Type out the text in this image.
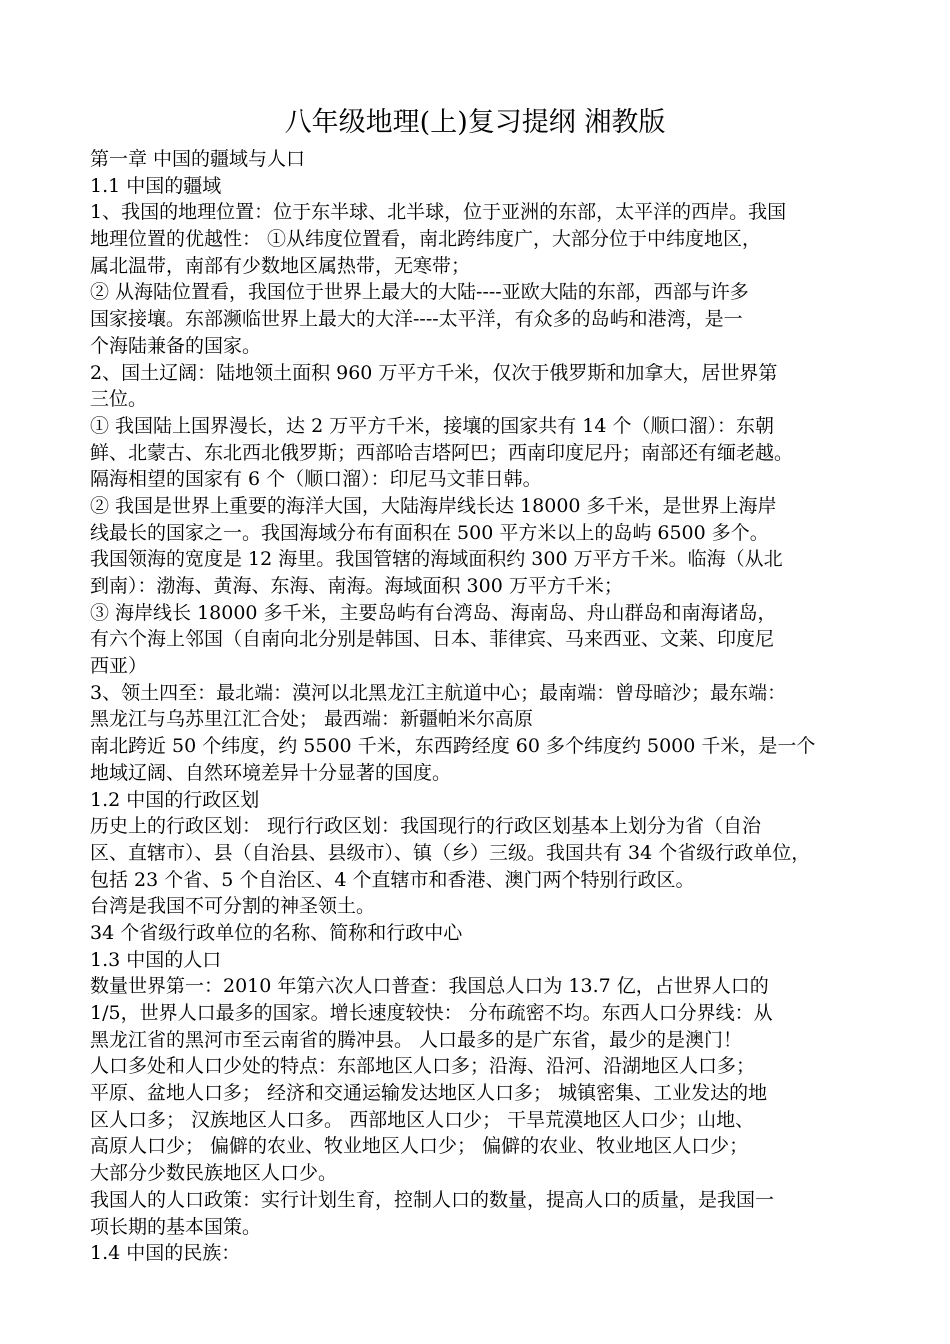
八年级地理(上)复习提纲 湘教版
第一章 中国的疆域与人口
1.1 中国的疆域
1、我国的地理位置：位于东半球、北半球，位于亚洲的东部，太平洋的西岸。我国
地理位置的优越性： ①从纬度位置看，南北跨纬度广，大部分位于中纬度地区，
属北温带，南部有少数地区属热带，无寒带；
② 从海陆位置看，我国位于世界上最大的大陆----亚欧大陆的东部，西部与许多
国家接壤。东部濒临世界上最大的大洋----太平洋，有众多的岛屿和港湾，是一
个海陆兼备的国家。
2、国土辽阔：陆地领土面积 960 万平方千米，仅次于俄罗斯和加拿大，居世界第
三位。
① 我国陆上国界漫长，达 2 万平方千米，接壤的国家共有 14 个（顺口溜）：东朝
鲜、北蒙古、东北西北俄罗斯；西部哈吉塔阿巴；西南印度尼丹；南部还有缅老越。
隔海相望的国家有 6 个（顺口溜）：印尼马文菲日韩。
② 我国是世界上重要的海洋大国，大陆海岸线长达 18000 多千米，是世界上海岸
线最长的国家之一。我国海域分布有面积在 500 平方米以上的岛屿 6500 多个。
我国领海的宽度是 12 海里。我国管辖的海域面积约 300 万平方千米。临海（从北
到南）：渤海、黄海、东海、南海。海域面积 300 万平方千米；
③ 海岸线长 18000 多千米，主要岛屿有台湾岛、海南岛、舟山群岛和南海诸岛，
有六个海上邻国（自南向北分别是韩国、日本、菲律宾、马来西亚、文莱、印度尼
西亚）
3、领土四至：最北端：漠河以北黑龙江主航道中心；最南端：曾母暗沙；最东端：
黑龙江与乌苏里江汇合处； 最西端：新疆帕米尔高原
南北跨近 50 个纬度，约 5500 千米，东西跨经度 60 多个纬度约 5000 千米，是一个
地域辽阔、自然环境差异十分显著的国度。
1.2 中国的行政区划
历史上的行政区划： 现行行政区划：我国现行的行政区划基本上划分为省（自治
区、直辖市）、县（自治县、县级市）、镇（乡）三级。我国共有 34 个省级行政单位，
包括 23 个省、5 个自治区、4 个直辖市和香港、澳门两个特别行政区。
台湾是我国不可分割的神圣领土。
34 个省级行政单位的名称、简称和行政中心
1.3 中国的人口
数量世界第一：2010 年第六次人口普查：我国总人口为 13.7 亿，占世界人口的
1/5，世界人口最多的国家。增长速度较快： 分布疏密不均。东西人口分界线：从
黑龙江省的黑河市至云南省的腾冲县。 人口最多的是广东省，最少的是澳门！
人口多处和人口少处的特点：东部地区人口多；沿海、沿河、沿湖地区人口多；
平原、盆地人口多； 经济和交通运输发达地区人口多； 城镇密集、工业发达的地
区人口多； 汉族地区人口多。 西部地区人口少； 干旱荒漠地区人口少；山地、
高原人口少； 偏僻的农业、牧业地区人口少； 偏僻的农业、牧业地区人口少；
大部分少数民族地区人口少。
我国人的人口政策：实行计划生育，控制人口的数量，提高人口的质量，是我国一
项长期的基本国策。
1.4 中国的民族：
